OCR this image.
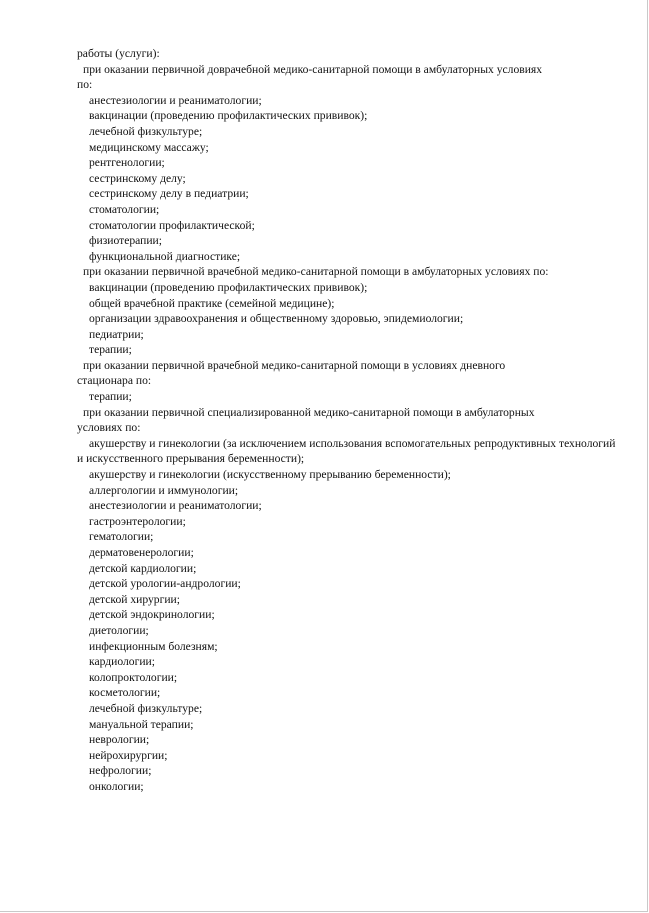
работы (услуги):

при оказании первичной доврачебной медико-санитарной помощи в амбулаторных условиях

по:

анестезиологии и реаниматологии;

вакцинации (проведению профилактических прививок);

лечебной физкультуре;

медицинскому массажу;

рентгенологии;

сестринскому делу;

сестринскому делу в педиатрии;

стоматологии;

стоматологии профилактической;

физиотерапии;

функциональной диагностике;

при оказании первичной врачебной медико-санитарной помощи в амбулаторных условиях по:

вакцинации (проведению профилактических прививок);

общей врачебной практике (семейной медицине);

организации здравоохранения и общественному здоровью, эпидемиологии;

педиатрии;

терапии;

при оказании первичной врачебной медико-санитарной помощи в условиях дневного

стационара по:

терапии;

при оказании первичной специализированной медико-санитарной помощи в амбулаторных

условиях по:

акушерству и гинекологии (за исключением использования вспомогательных репродуктивных технологий и искусственного прерывания беременности);

акушерству и гинекологии (искусственному прерыванию беременности);

аллергологии и иммунологии;

анестезиологии и реаниматологии;

гастроэнтерологии;

гематологии;

дерматовенерологии;

детской кардиологии;

детской урологии-андрологии;

детской хирургии;

детской эндокринологии;

диетологии;

инфекционным болезням;

кардиологии;

колопроктологии;

косметологии;

лечебной физкультуре;

мануальной терапии;

неврологии;

нейрохирургии;

нефрологии;

онкологии;
